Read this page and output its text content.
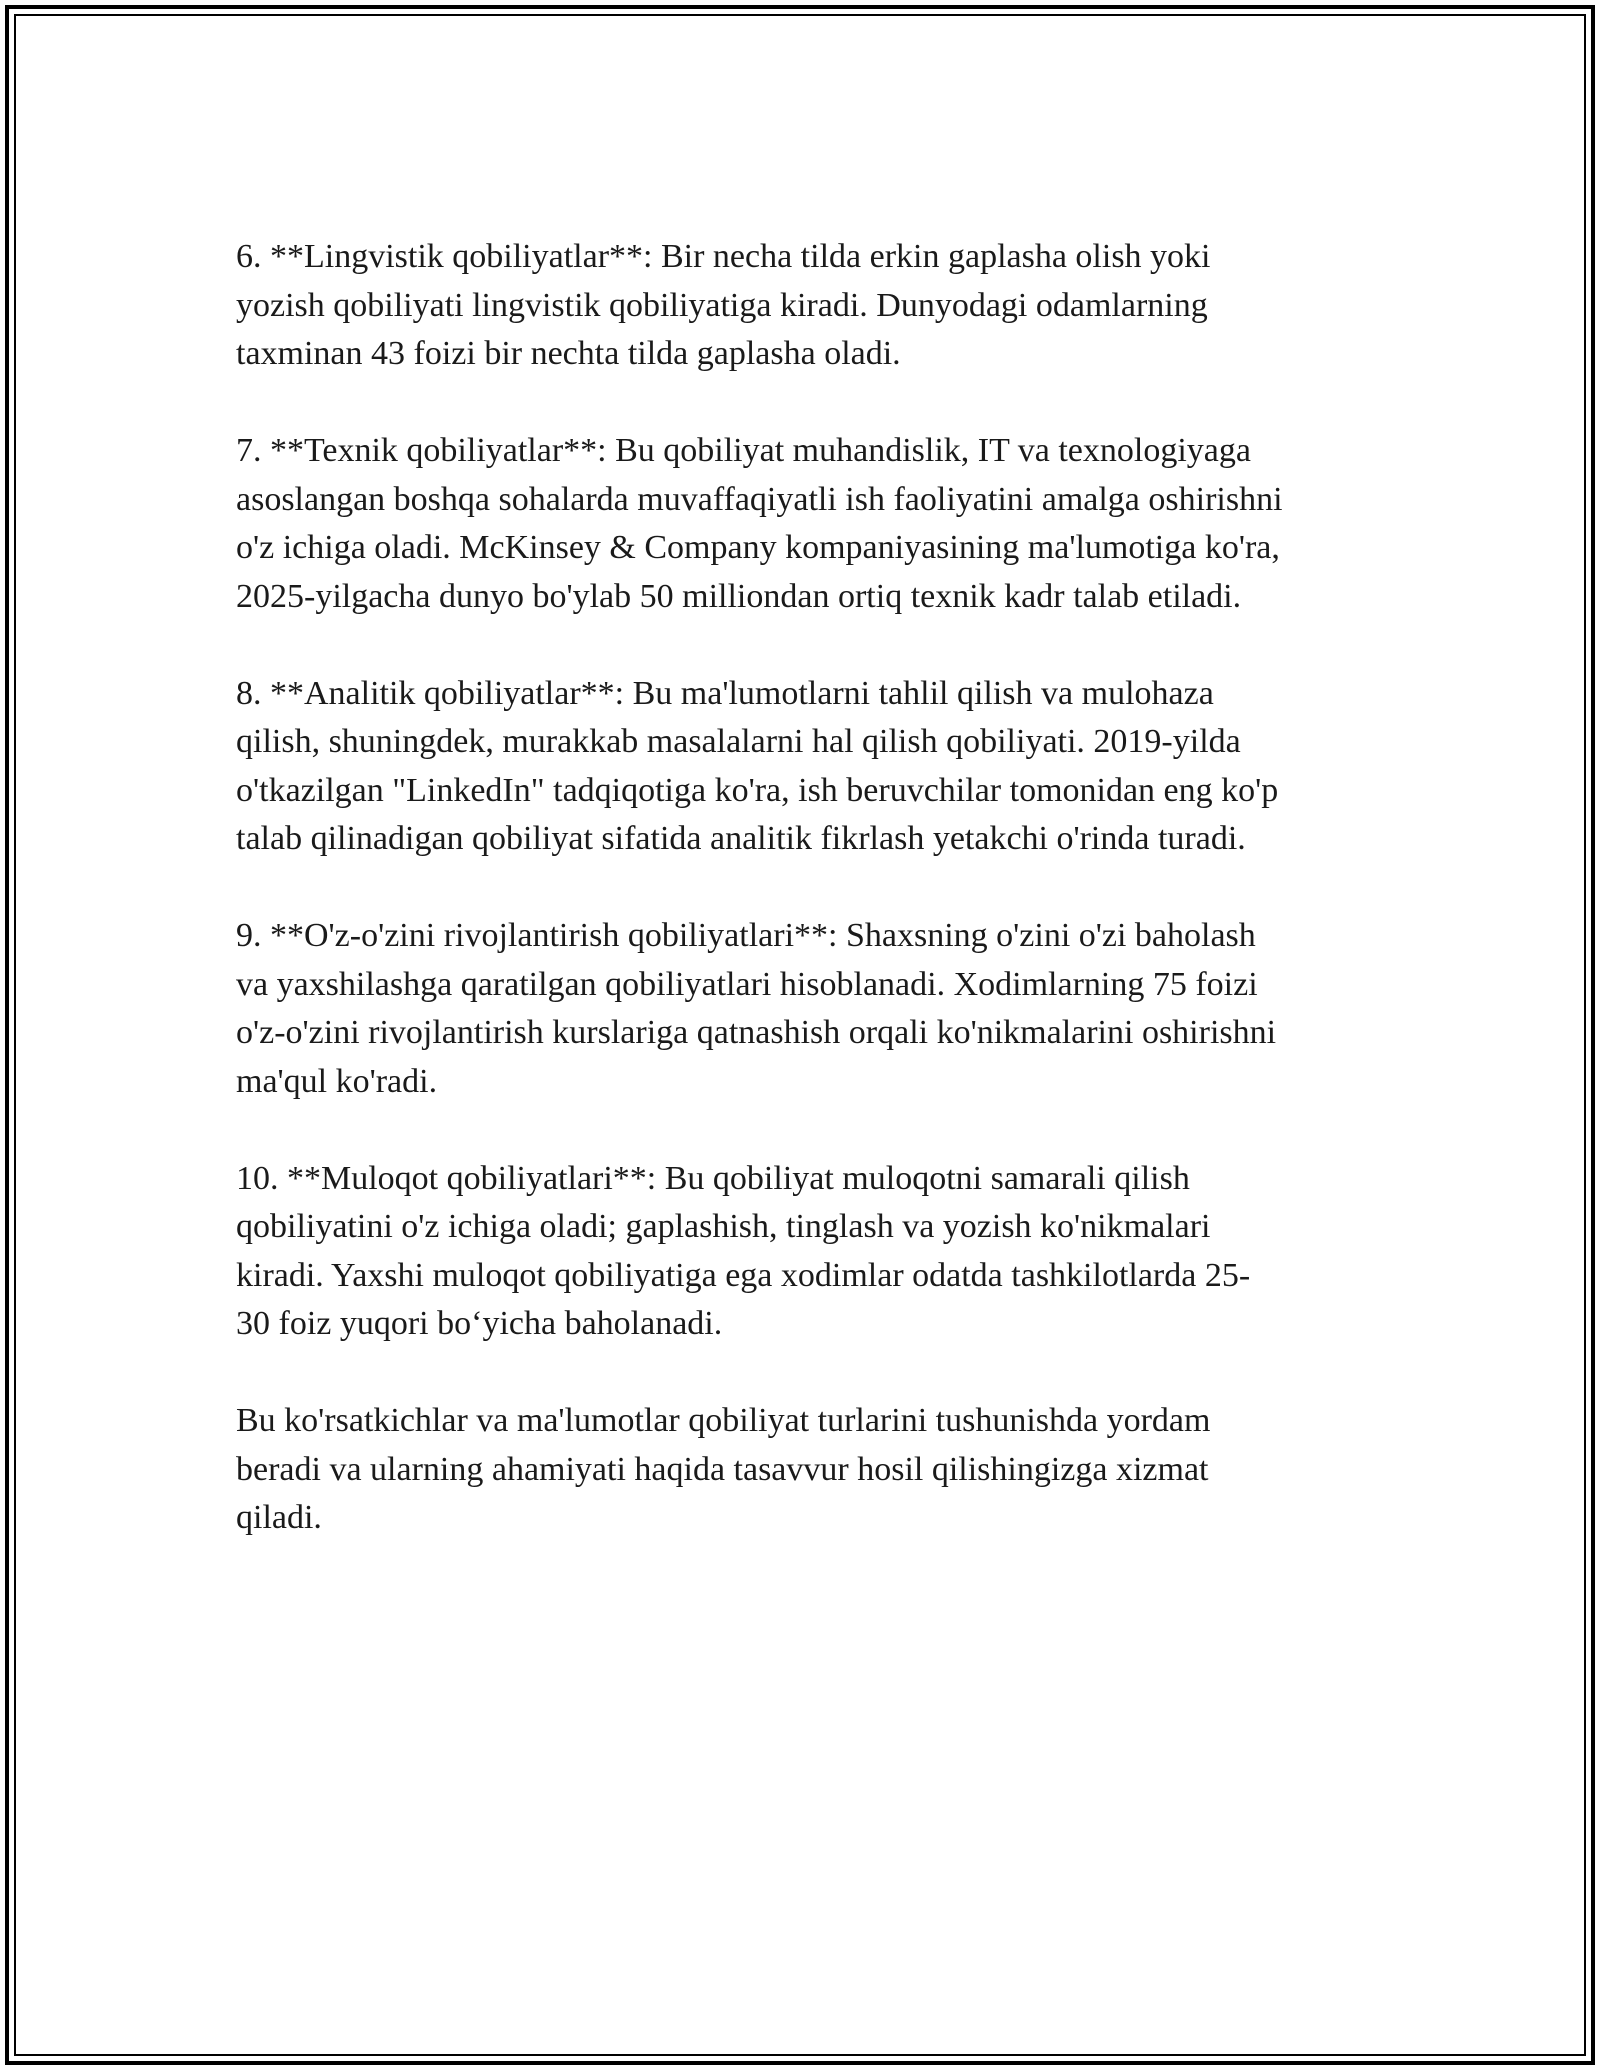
6. **Lingvistik qobiliyatlar**: Bir necha tilda erkin gaplasha olish yoki
yozish qobiliyati lingvistik qobiliyatiga kiradi. Dunyodagi odamlarning
taxminan 43 foizi bir nechta tilda gaplasha oladi.

7. **Texnik qobiliyatlar**: Bu qobiliyat muhandislik, IT va texnologiyaga
asoslangan boshqa sohalarda muvaffaqiyatli ish faoliyatini amalga oshirishni
o'z ichiga oladi. McKinsey & Company kompaniyasining ma'lumotiga ko'ra,
2025-yilgacha dunyo bo'ylab 50 milliondan ortiq texnik kadr talab etiladi.

8. **Analitik qobiliyatlar**: Bu ma'lumotlarni tahlil qilish va mulohaza
qilish, shuningdek, murakkab masalalarni hal qilish qobiliyati. 2019-yilda
o'tkazilgan "LinkedIn" tadqiqotiga ko'ra, ish beruvchilar tomonidan eng ko'p
talab qilinadigan qobiliyat sifatida analitik fikrlash yetakchi o'rinda turadi.

9. **O'z-o'zini rivojlantirish qobiliyatlari**: Shaxsning o'zini o'zi baholash
va yaxshilashga qaratilgan qobiliyatlari hisoblanadi. Xodimlarning 75 foizi
o'z-o'zini rivojlantirish kurslariga qatnashish orqali ko'nikmalarini oshirishni
ma'qul ko'radi.

10. **Muloqot qobiliyatlari**: Bu qobiliyat muloqotni samarali qilish
qobiliyatini o'z ichiga oladi; gaplashish, tinglash va yozish ko'nikmalari
kiradi. Yaxshi muloqot qobiliyatiga ega xodimlar odatda tashkilotlarda 25-
30 foiz yuqori bo‘yicha baholanadi.

Bu ko'rsatkichlar va ma'lumotlar qobiliyat turlarini tushunishda yordam
beradi va ularning ahamiyati haqida tasavvur hosil qilishingizga xizmat
qiladi.
